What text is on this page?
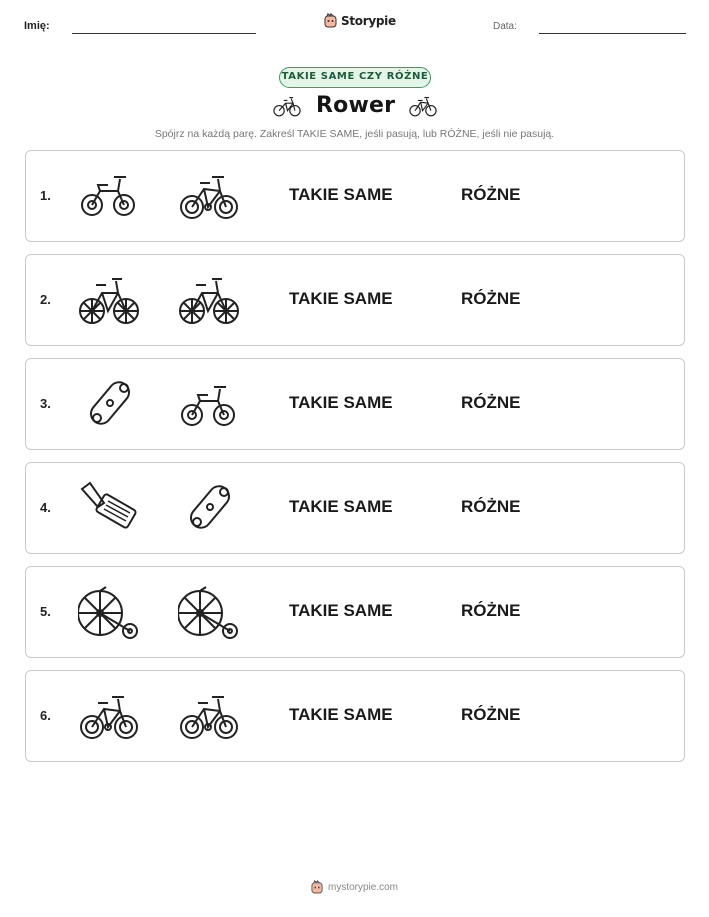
Imię:	Storypie	Data:
TAKIE SAME CZY RÓŻNE
Rower
Spójrz na każdą parę. Zakreśl TAKIE SAME, jeśli pasują, lub RÓŻNE, jeśli nie pasują.
1.	TAKIE SAME	RÓŻNE
2.	TAKIE SAME	RÓŻNE
3.	TAKIE SAME	RÓŻNE
4.	TAKIE SAME	RÓŻNE
5.	TAKIE SAME	RÓŻNE
6.	TAKIE SAME	RÓŻNE
mystorypie.com
